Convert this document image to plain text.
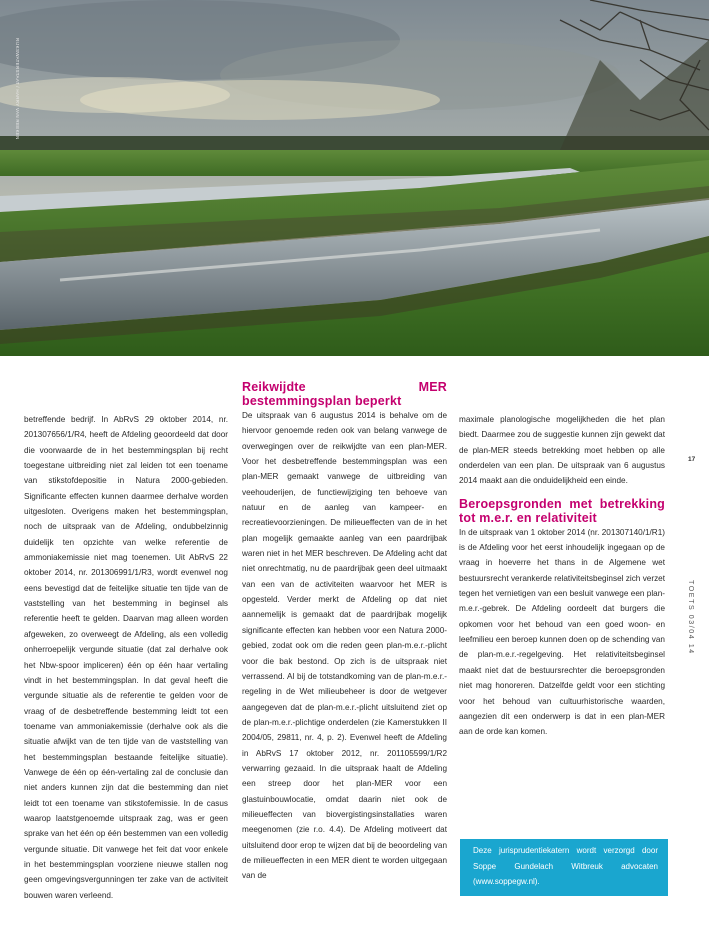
RIJKSWATERSTAAT / HARRY VAN REEKEN

betreffende bedrijf. In AbRvS 29 oktober 2014, nr. 201307656/1/R4, heeft de Afdeling geoordeeld dat door die voorwaarde de in het bestemmingsplan bij recht toegestane uitbreiding niet zal leiden tot een toename van stikstofdepositie in Natura 2000-gebieden. Significante effecten kunnen daarmee derhalve worden uitgesloten. Overigens maken het bestemmingsplan, noch de uitspraak van de Afdeling, ondubbelzinnig duidelijk ten opzichte van welke referentie de ammoniakemissie niet mag toenemen. Uit AbRvS 22 oktober 2014, nr. 201306991/1/R3, wordt evenwel nog eens bevestigd dat de feitelijke situatie ten tijde van de vaststelling van het bestemming in beginsel als referentie heeft te gelden. Daarvan mag alleen worden afgeweken, zo overweegt de Afdeling, als een volledig onherroepelijk vergunde situatie (dat zal derhalve ook het Nbw-spoor impliceren) één op één haar vertaling vindt in het bestemmingsplan. In dat geval heeft die vergunde situatie als de referentie te gelden voor de vraag of de desbetreffende bestemming leidt tot een toename van ammoniakemissie (derhalve ook als die situatie afwijkt van de ten tijde van de vaststelling van het bestemmingsplan bestaande feitelijke situatie). Vanwege de één op één-vertaling zal de conclusie dan niet anders kunnen zijn dat die bestemming dan niet leidt tot een toename van stikstofemissie. In de casus waarop laatstgenoemde uitspraak zag, was er geen sprake van het één op één bestemmen van een volledig vergunde situatie. Dit vanwege het feit dat voor enkele in het bestemmingsplan voorziene nieuwe stallen nog geen omgevingsvergunningen ter zake van de activiteit bouwen waren verleend.

Reikwijdte MER bestemmingsplan beperkt

De uitspraak van 6 augustus 2014 is behalve om de hiervoor genoemde reden ook van belang vanwege de overwegingen over de reikwijdte van een plan-MER. Voor het desbetreffende bestemmingsplan was een plan-MER gemaakt vanwege de uitbreiding van veehouderijen, de functiewijziging ten behoeve van natuur en de aanleg van kampeer- en recreatievoorzieningen. De milieueffecten van de in het plan mogelijk gemaakte aanleg van een paardrijbak waren niet in het MER beschreven. De Afdeling acht dat niet onrechtmatig, nu de paardrijbak geen deel uitmaakt van een van de activiteiten waarvoor het MER is opgesteld. Verder merkt de Afdeling op dat niet aannemelijk is gemaakt dat de paardrijbak mogelijk significante effecten kan hebben voor een Natura 2000-gebied, zodat ook om die reden geen plan-m.e.r.-plicht voor die bak bestond. Op zich is de uitspraak niet verrassend. Al bij de totstandkoming van de plan-m.e.r.-regeling in de Wet milieubeheer is door de wetgever aangegeven dat de plan-m.e.r.-plicht uitsluitend ziet op de plan-m.e.r.-plichtige onderdelen (zie Kamerstukken II 2004/05, 29811, nr. 4, p. 2). Evenwel heeft de Afdeling in AbRvS 17 oktober 2012, nr. 201105599/1/R2 verwarring gezaaid. In die uitspraak haalt de Afdeling een streep door het plan-MER voor een glastuinbouwlocatie, omdat daarin niet ook de milieueffecten van biovergistingsinstallaties waren meegenomen (zie r.o. 4.4). De Afdeling motiveert dat uitsluitend door erop te wijzen dat bij de beoordeling van de milieueffecten in een MER dient te worden uitgegaan van de

maximale planologische mogelijkheden die het plan biedt. Daarmee zou de suggestie kunnen zijn gewekt dat de plan-MER steeds betrekking moet hebben op alle onderdelen van een plan. De uitspraak van 6 augustus 2014 maakt aan die onduidelijkheid een einde.

Beroepsgronden met betrekking tot m.e.r. en relativiteit

In de uitspraak van 1 oktober 2014 (nr. 201307140/1/R1) is de Afdeling voor het eerst inhoudelijk ingegaan op de vraag in hoeverre het thans in de Algemene wet bestuursrecht verankerde relativiteitsbeginsel zich verzet tegen het vernietigen van een besluit vanwege een plan-m.e.r.-gebrek. De Afdeling oordeelt dat burgers die opkomen voor het behoud van een goed woon- en leefmilieu een beroep kunnen doen op de schending van de plan-m.e.r.-regelgeving. Het relativiteitsbeginsel maakt niet dat de bestuursrechter die beroepsgronden niet mag honoreren. Datzelfde geldt voor een stichting voor het behoud van cultuurhistorische waarden, aangezien dit een onderwerp is dat in een plan-MER aan de orde kan komen.

17
TOETS 03/04 14
Deze jurisprudentiekatern wordt verzorgd door Soppe Gundelach Witbreuk advocaten (www.soppegw.nl).
